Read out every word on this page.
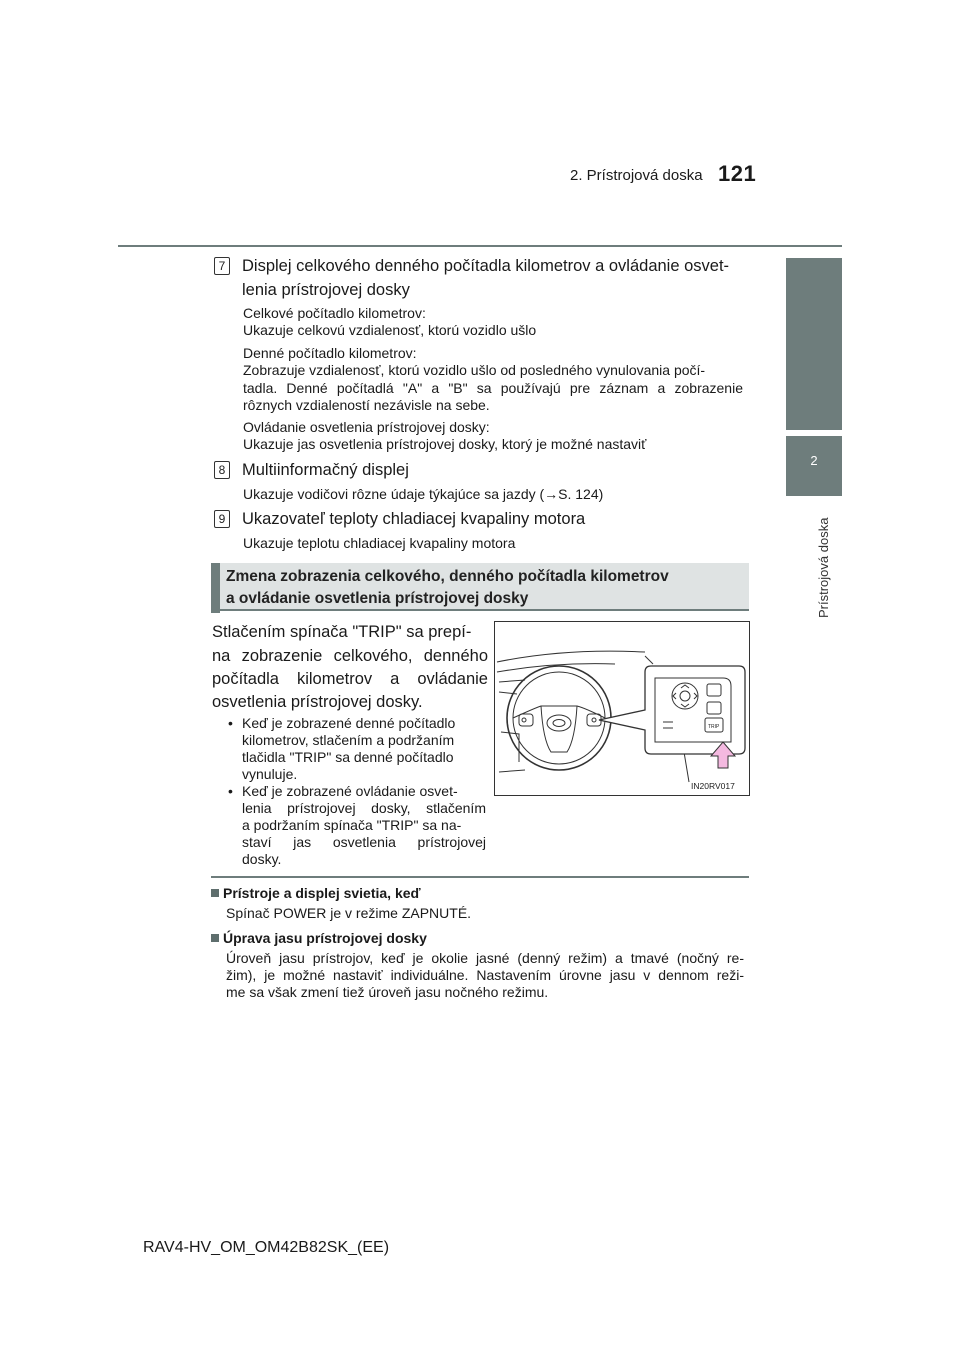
2. Prístrojová doska 121
2
Prístrojová doska
7 Displej celkového denného počítadla kilometrov a ovládanie osvet-
lenia prístrojovej dosky
Celkové počítadlo kilometrov:
Ukazuje celkovú vzdialenosť, ktorú vozidlo ušlo
Denné počítadlo kilometrov:
Zobrazuje vzdialenosť, ktorú vozidlo ušlo od posledného vynulovania počí-
tadla. Denné počítadlá "A" a "B" sa používajú pre záznam a zobrazenie
rôznych vzdialeností nezávisle na sebe.
Ovládanie osvetlenia prístrojovej dosky:
Ukazuje jas osvetlenia prístrojovej dosky, ktorý je možné nastaviť
8 Multiinformačný displej
Ukazuje vodičovi rôzne údaje týkajúce sa jazdy (→S. 124)
9 Ukazovateľ teploty chladiacej kvapaliny motora
Ukazuje teplotu chladiacej kvapaliny motora
Zmena zobrazenia celkového, denného počítadla kilometrov
a ovládanie osvetlenia prístrojovej dosky
Stlačením spínača "TRIP" sa prepí-
na zobrazenie celkového, denného
počítadla kilometrov a ovládanie
osvetlenia prístrojovej dosky.
• Keď je zobrazené denné počítadlo
kilometrov, stlačením a podržaním
tlačidla "TRIP" sa denné počítadlo
vynuluje.
• Keď je zobrazené ovládanie osvet-
lenia prístrojovej dosky, stlačením
a podržaním spínača "TRIP" sa na-
staví jas osvetlenia prístrojovej
dosky.
TRIP
IN20RV017
Prístroje a displej svietia, keď
Spínač POWER je v režime ZAPNUTÉ.
Úprava jasu prístrojovej dosky
Úroveň jasu prístrojov, keď je okolie jasné (denný režim) a tmavé (nočný re-
žim), je možné nastaviť individuálne. Nastavením úrovne jasu v dennom reži-
me sa však zmení tiež úroveň jasu nočného režimu.
RAV4-HV_OM_OM42B82SK_(EE)
